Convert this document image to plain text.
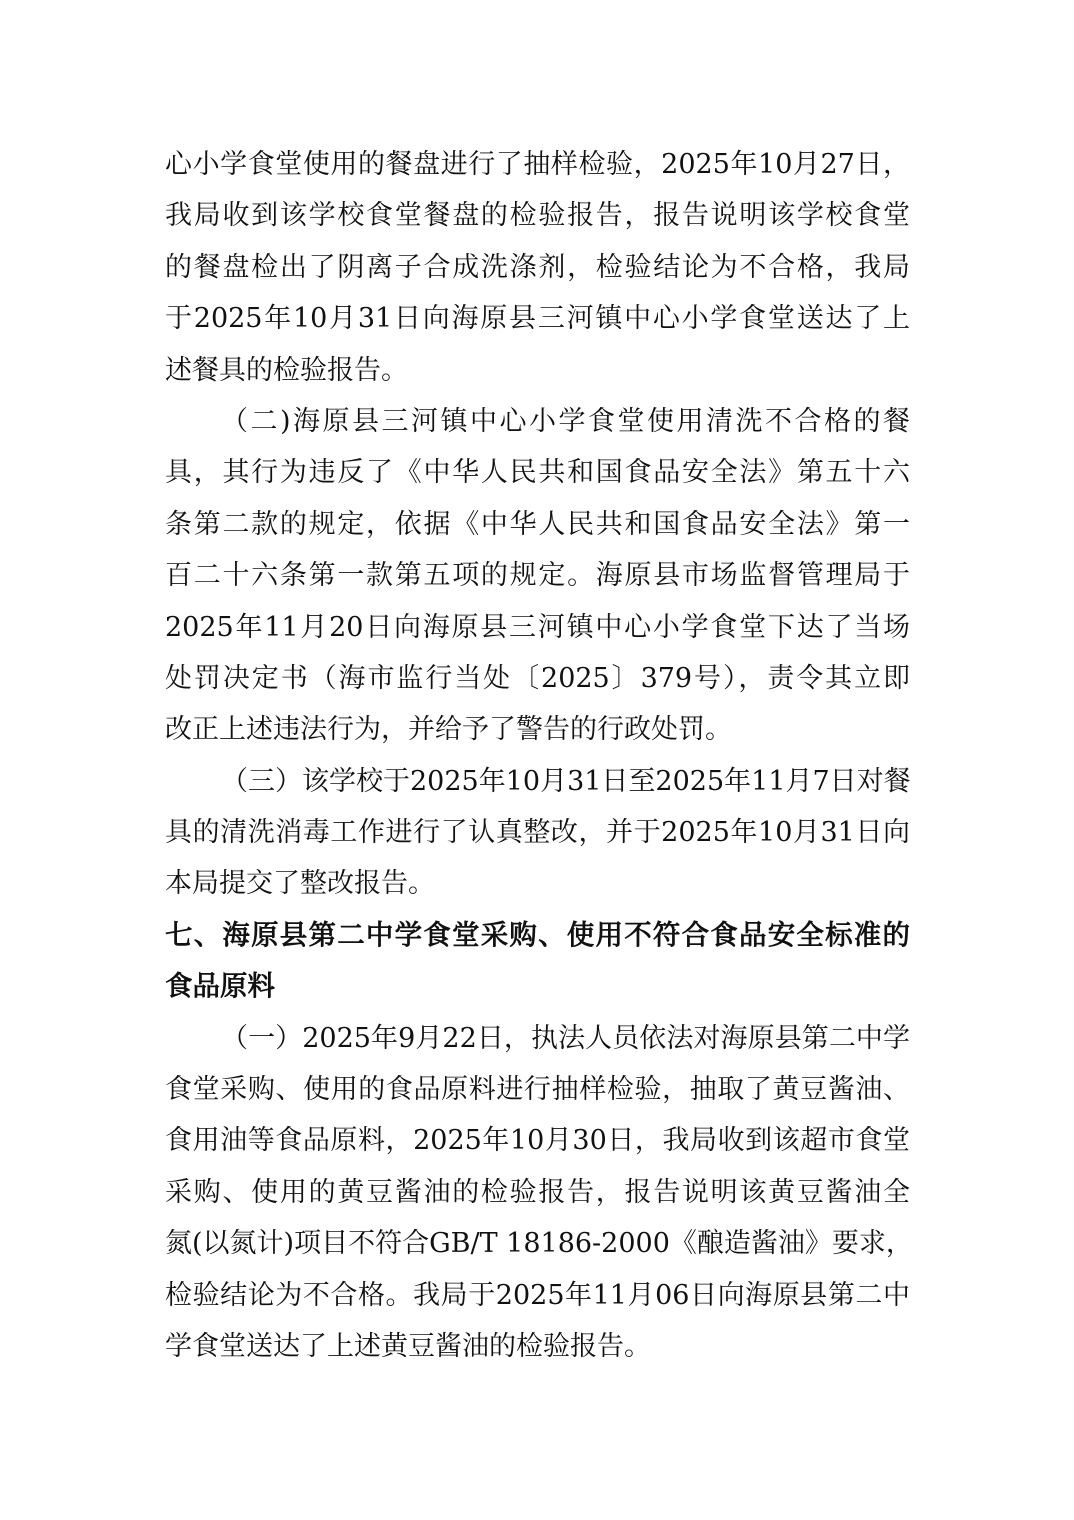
心小学食堂使用的餐盘进行了抽样检验，2025年10月27日，
我局收到该学校食堂餐盘的检验报告，报告说明该学校食堂
的餐盘检出了阴离子合成洗涤剂，检验结论为不合格，我局
于2025年10月31日向海原县三河镇中心小学食堂送达了上
述餐具的检验报告。
（二)海原县三河镇中心小学食堂使用清洗不合格的餐
具，其行为违反了《中华人民共和国食品安全法》第五十六
条第二款的规定，依据《中华人民共和国食品安全法》第一
百二十六条第一款第五项的规定。海原县市场监督管理局于
2025年11月20日向海原县三河镇中心小学食堂下达了当场
处罚决定书（海市监行当处〔2025〕379号），责令其立即
改正上述违法行为，并给予了警告的行政处罚。
（三）该学校于2025年10月31日至2025年11月7日对餐
具的清洗消毒工作进行了认真整改，并于2025年10月31日向
本局提交了整改报告。
七、海原县第二中学食堂采购、使用不符合食品安全标准的
食品原料
（一）2025年9月22日，执法人员依法对海原县第二中学
食堂采购、使用的食品原料进行抽样检验，抽取了黄豆酱油、
食用油等食品原料，2025年10月30日，我局收到该超市食堂
采购、使用的黄豆酱油的检验报告，报告说明该黄豆酱油全
氮(以氮计)项目不符合GB/T 18186-2000《酿造酱油》要求，
检验结论为不合格。我局于2025年11月06日向海原县第二中
学食堂送达了上述黄豆酱油的检验报告。
